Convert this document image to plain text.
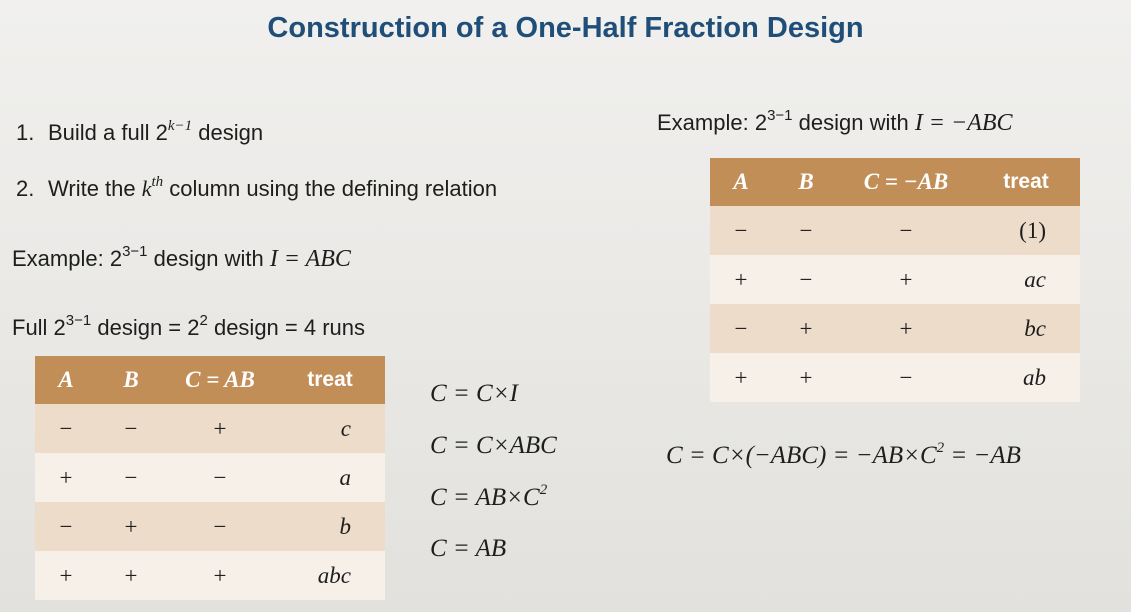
Construction of a One-Half Fraction Design
1. Build a full $2^{k-1}$ design
2. Write the $k^{th}$ column using the defining relation
Example: $2^{3-1}$ design with I = ABC
Full $2^{3-1}$ design = $2^2$ design = 4 runs
A	B	C = AB	treat
−	−	+	c
+	−	−	a
−	+	−	b
+	+	+	abc
C = C×I
C = C×ABC
$C = AB\times C^2$
C = AB
Example: $2^{3-1}$ design with I = −ABC
A	B	C = −AB	treat
−	−	−	(1)
+	−	+	ac
−	+	+	bc
+	+	−	ab
$C = C\times(-ABC) = -AB\times C^2 = -AB$
